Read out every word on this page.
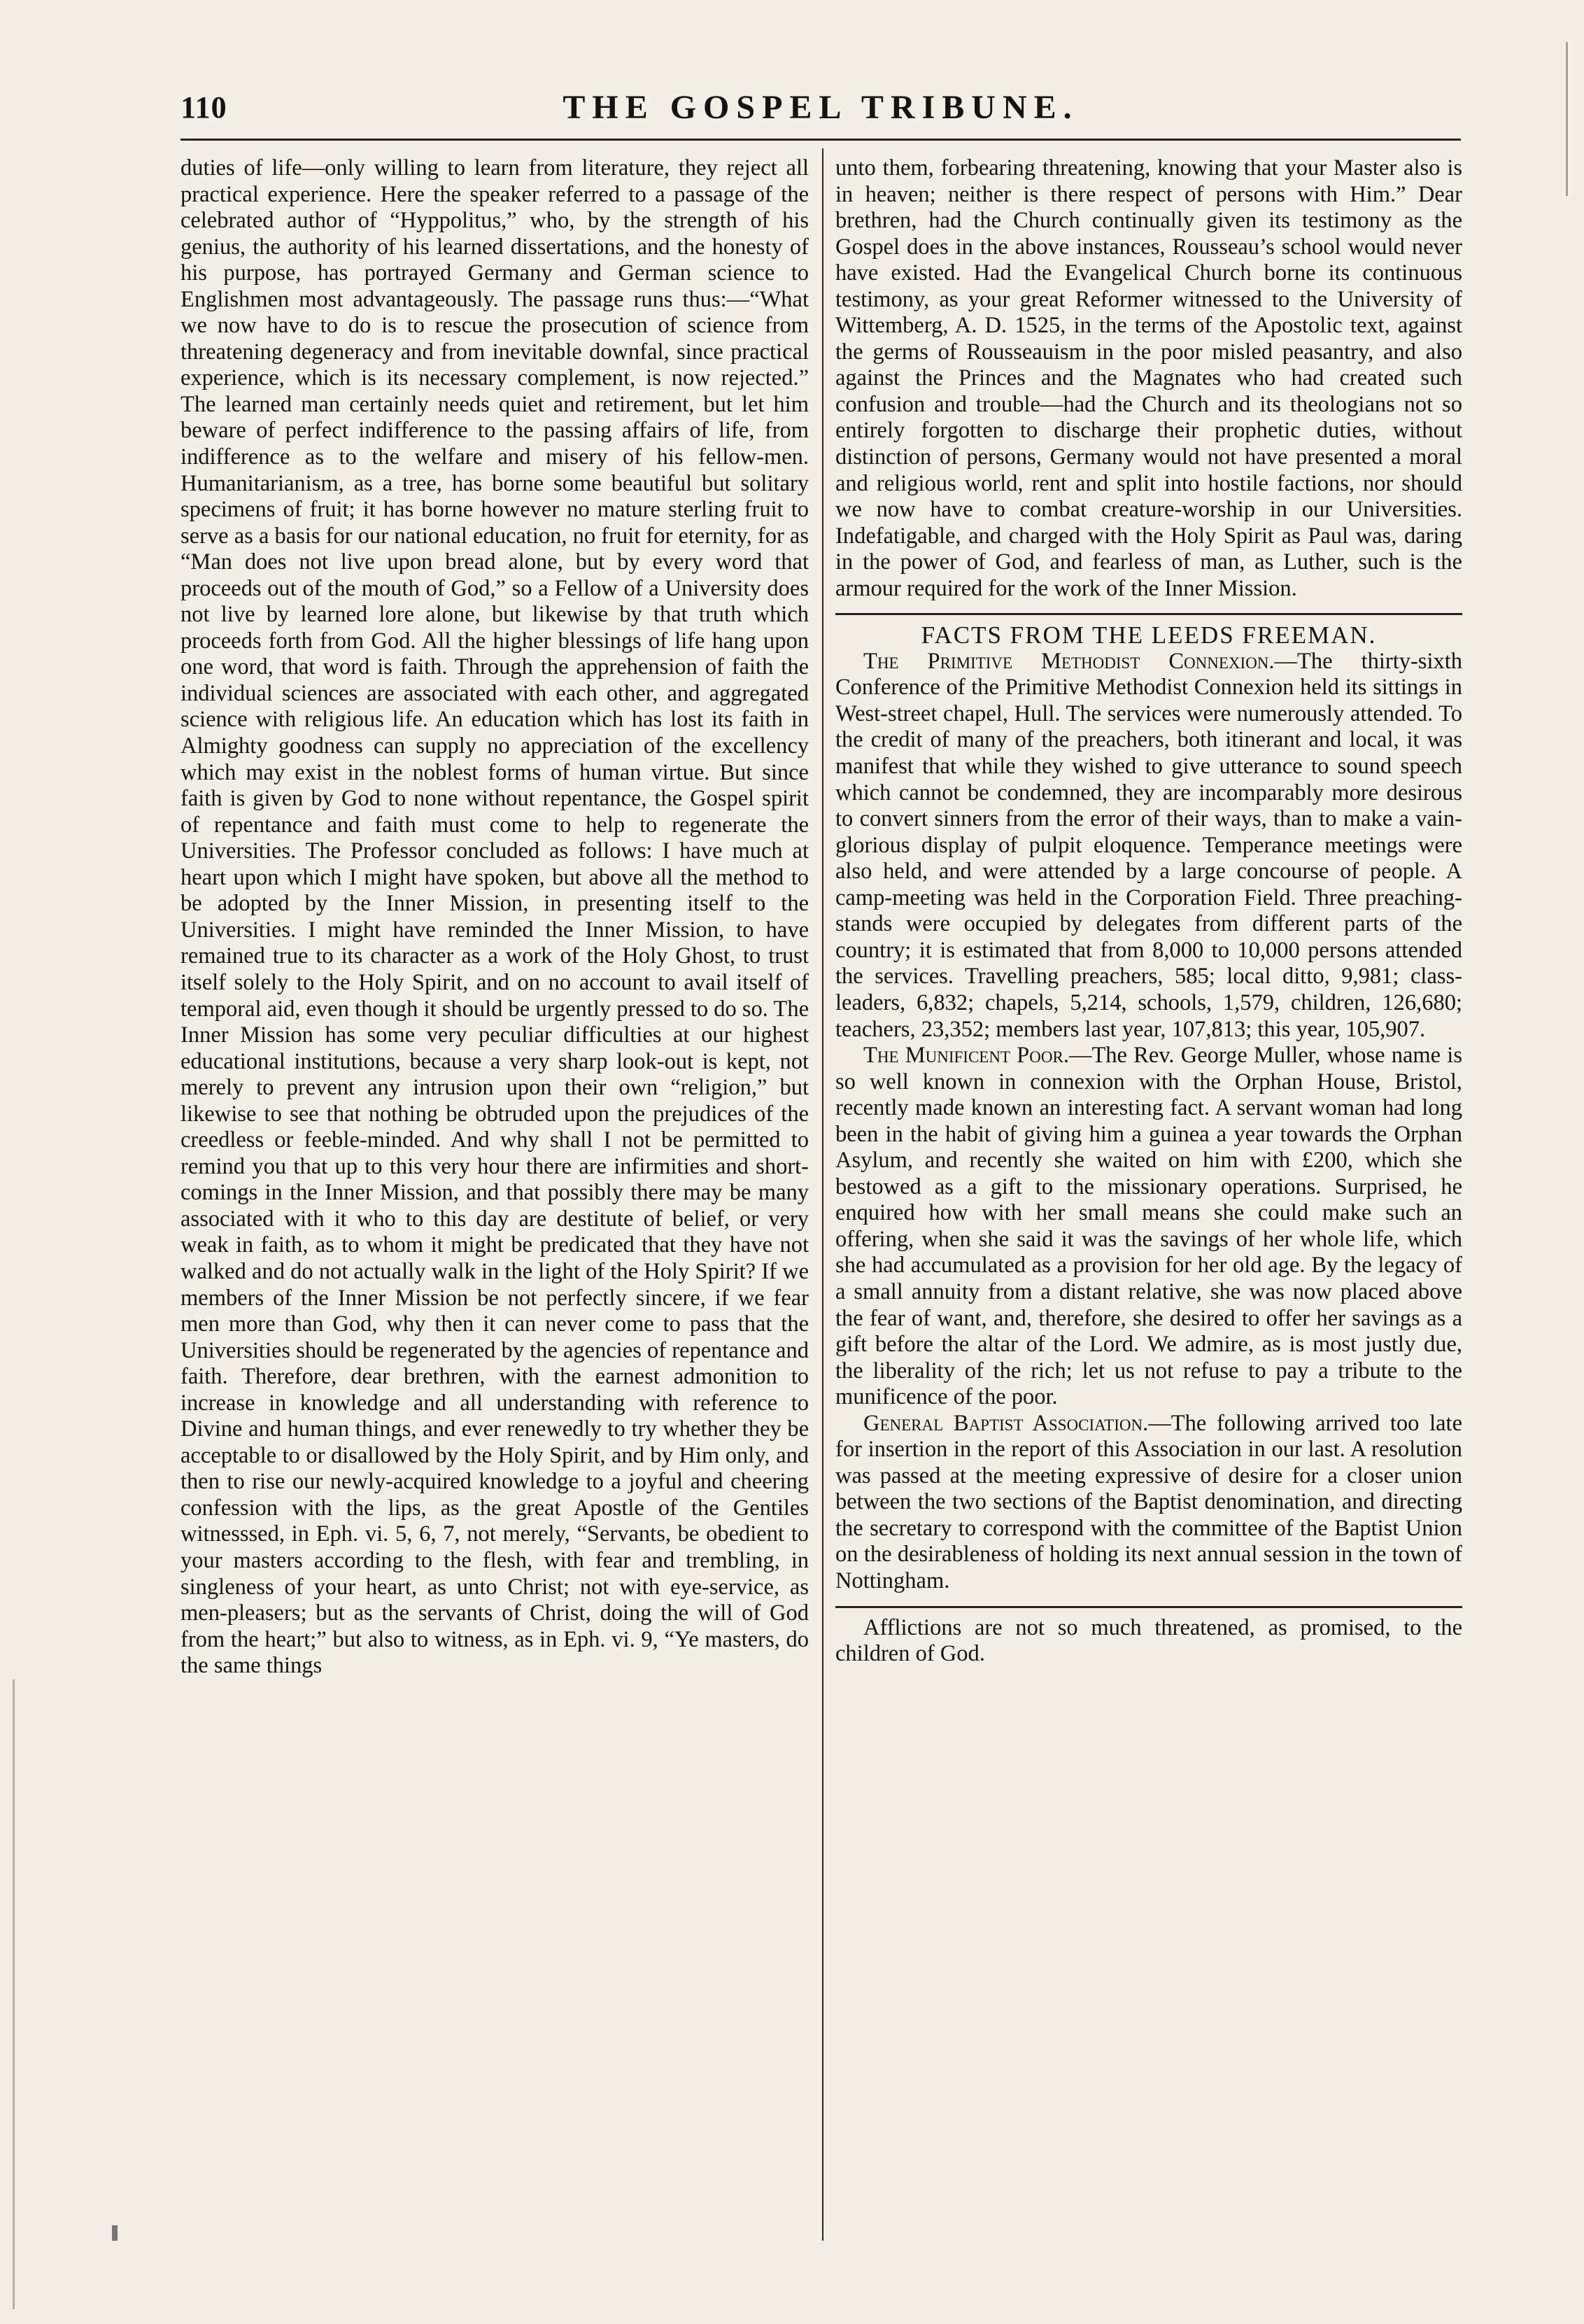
110	THE GOSPEL TRIBUNE.

duties of life—only willing to learn from literature, they reject all practical experience. Here the speaker referred to a passage of the celebrated author of “Hyppolitus,” who, by the strength of his genius, the authority of his learned dissertations, and the honesty of his purpose, has portrayed Germany and German science to Englishmen most advantageously. The passage runs thus:—“What we now have to do is to rescue the prosecution of science from threatening degeneracy and from inevitable downfal, since practical experience, which is its necessary complement, is now rejected.” The learned man certainly needs quiet and retirement, but let him beware of perfect indifference to the passing affairs of life, from indifference as to the welfare and misery of his fellow-men. Humanitarianism, as a tree, has borne some beautiful but solitary specimens of fruit; it has borne however no mature sterling fruit to serve as a basis for our national education, no fruit for eternity, for as “Man does not live upon bread alone, but by every word that proceeds out of the mouth of God,” so a Fellow of a University does not live by learned lore alone, but likewise by that truth which proceeds forth from God. All the higher blessings of life hang upon one word, that word is faith. Through the apprehension of faith the individual sciences are associated with each other, and aggregated science with religious life. An education which has lost its faith in Almighty goodness can supply no appreciation of the excellency which may exist in the noblest forms of human virtue. But since faith is given by God to none without repentance, the Gospel spirit of repentance and faith must come to help to regenerate the Universities. The Professor concluded as follows: I have much at heart upon which I might have spoken, but above all the method to be adopted by the Inner Mission, in presenting itself to the Universities. I might have reminded the Inner Mission, to have remained true to its character as a work of the Holy Ghost, to trust itself solely to the Holy Spirit, and on no account to avail itself of temporal aid, even though it should be urgently pressed to do so. The Inner Mission has some very peculiar difficulties at our highest educational institutions, because a very sharp look-out is kept, not merely to prevent any intrusion upon their own “religion,” but likewise to see that nothing be obtruded upon the prejudices of the creedless or feeble-minded. And why shall I not be permitted to remind you that up to this very hour there are infirmities and short-comings in the Inner Mission, and that possibly there may be many associated with it who to this day are destitute of belief, or very weak in faith, as to whom it might be predicated that they have not walked and do not actually walk in the light of the Holy Spirit? If we members of the Inner Mission be not perfectly sincere, if we fear men more than God, why then it can never come to pass that the Universities should be regenerated by the agencies of repentance and faith. Therefore, dear brethren, with the earnest admonition to increase in knowledge and all understanding with reference to Divine and human things, and ever renewedly to try whether they be acceptable to or disallowed by the Holy Spirit, and by Him only, and then to rise our newly-acquired knowledge to a joyful and cheering confession with the lips, as the great Apostle of the Gentiles witnesssed, in Eph. vi. 5, 6, 7, not merely, “Servants, be obedient to your masters according to the flesh, with fear and trembling, in singleness of your heart, as unto Christ; not with eye-service, as men-pleasers; but as the servants of Christ, doing the will of God from the heart;” but also to witness, as in Eph. vi. 9, “Ye masters, do the same things

unto them, forbearing threatening, knowing that your Master also is in heaven; neither is there respect of persons with Him.” Dear brethren, had the Church continually given its testimony as the Gospel does in the above instances, Rousseau’s school would never have existed. Had the Evangelical Church borne its continuous testimony, as your great Reformer witnessed to the University of Wittemberg, A. D. 1525, in the terms of the Apostolic text, against the germs of Rousseauism in the poor misled peasantry, and also against the Princes and the Magnates who had created such confusion and trouble—had the Church and its theologians not so entirely forgotten to discharge their prophetic duties, without distinction of persons, Germany would not have presented a moral and religious world, rent and split into hostile factions, nor should we now have to combat creature-worship in our Universities. Indefatigable, and charged with the Holy Spirit as Paul was, daring in the power of God, and fearless of man, as Luther, such is the armour required for the work of the Inner Mission.

FACTS FROM THE LEEDS FREEMAN.

The Primitive Methodist Connexion.—The thirty-sixth Conference of the Primitive Methodist Connexion held its sittings in West-street chapel, Hull. The services were numerously attended. To the credit of many of the preachers, both itinerant and local, it was manifest that while they wished to give utterance to sound speech which cannot be condemned, they are incomparably more desirous to convert sinners from the error of their ways, than to make a vain-glorious display of pulpit eloquence. Temperance meetings were also held, and were attended by a large concourse of people. A camp-meeting was held in the Corporation Field. Three preaching-stands were occupied by delegates from different parts of the country; it is estimated that from 8,000 to 10,000 persons attended the services. Travelling preachers, 585; local ditto, 9,981; class-leaders, 6,832; chapels, 5,214, schools, 1,579, children, 126,680; teachers, 23,352; members last year, 107,813; this year, 105,907.

The Munificent Poor.—The Rev. George Muller, whose name is so well known in connexion with the Orphan House, Bristol, recently made known an interesting fact. A servant woman had long been in the habit of giving him a guinea a year towards the Orphan Asylum, and recently she waited on him with £200, which she bestowed as a gift to the missionary operations. Surprised, he enquired how with her small means she could make such an offering, when she said it was the savings of her whole life, which she had accumulated as a provision for her old age. By the legacy of a small annuity from a distant relative, she was now placed above the fear of want, and, therefore, she desired to offer her savings as a gift before the altar of the Lord. We admire, as is most justly due, the liberality of the rich; let us not refuse to pay a tribute to the munificence of the poor.

General Baptist Association.—The following arrived too late for insertion in the report of this Association in our last. A resolution was passed at the meeting expressive of desire for a closer union between the two sections of the Baptist denomination, and directing the secretary to correspond with the committee of the Baptist Union on the desirableness of holding its next annual session in the town of Nottingham.

Afflictions are not so much threatened, as promised, to the children of God.
